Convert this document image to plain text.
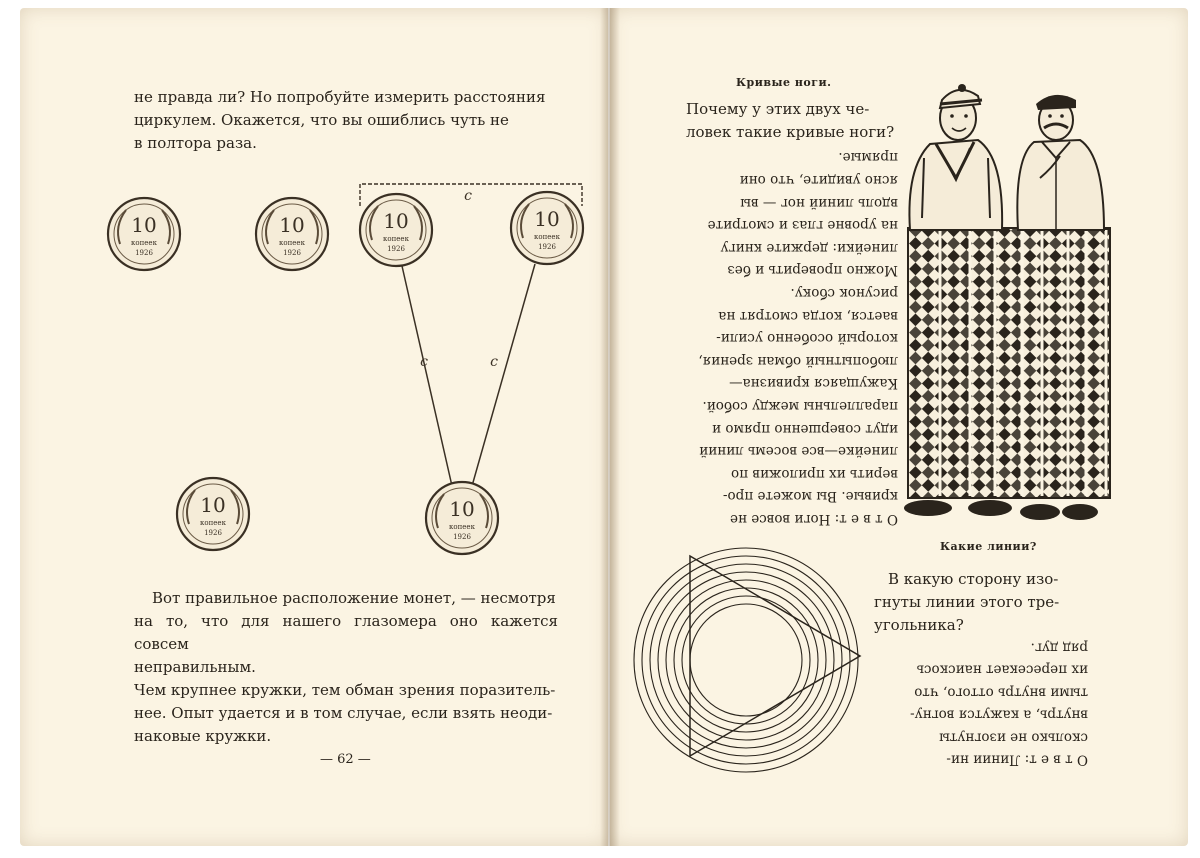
не правда ли? Но попробуйте измерить расстояния
циркулем. Окажется, что вы ошиблись чуть не
в полтора раза.
10
копеек
1926
10
копеек
1926
10
копеек
1926
10
копеек
1926
10
копеек
1926
10
копеек
1926
c
c	c
Вот правильное расположение монет, — несмотря
на то, что для нашего глазомера оно кажется совсем
неправильным.
Чем крупнее кружки, тем обман зрения поразитель-
нее. Опыт удается и в том случае, если взять неоди-
наковые кружки.
— 62 —
Кривые ноги.
Почему у этих двух че-
ловек такие кривые ноги?
О т в е т: Ноги вовсе не
кривые. Вы можете про-
верить их приложив по
линейке—все восемь линий
идут совершенно прямо и
параллельны между собой.
Кажущаяся кривизна—
любопытный обман зрения,
который особенно усили-
вается, когда смотрят на
рисунок сбоку.
Можно проверить и без
линейки: держите книгу
на уровне глаз и смотрите
вдоль линий ног — вы
ясно увидите, что они
прямые.
Какие линии?
В какую сторону изо-
гнуты линии этого тре-
угольника?
О т в е т: Линии ни-
сколько не изогнуты
внутрь, а кажутся вогну-
тыми внутрь оттого, что
их пересекает наискось
ряд дуг.
